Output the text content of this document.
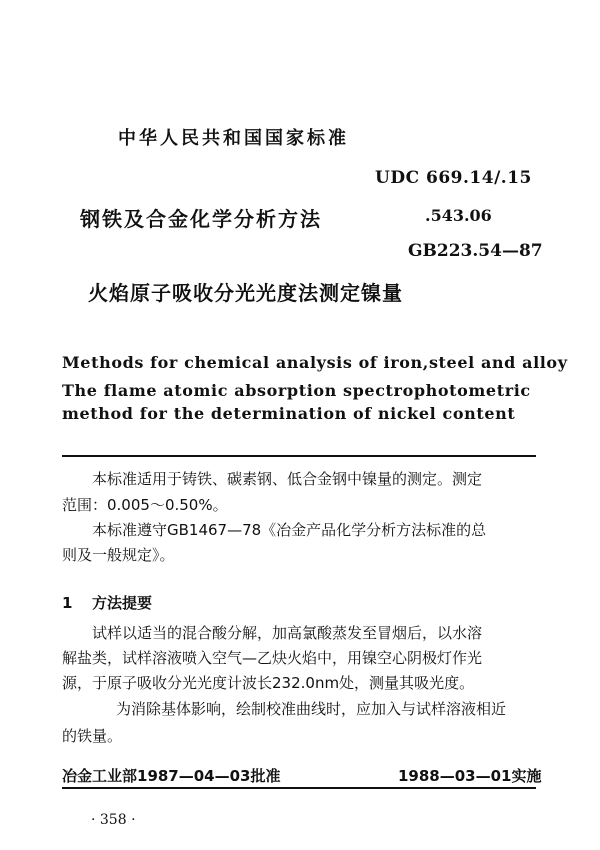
中华人民共和国国家标准
UDC 669.14/.15
钢铁及合金化学分析方法	.543.06
GB223.54—87
火焰原子吸收分光光度法测定镍量
Methods for chemical analysis of iron,steel and alloy
The flame atomic absorption spectrophotometric
method for the determination of nickel content
本标准适用于铸铁、碳素钢、低合金钢中镍量的测定。测定
范围：0.005～0.50%。
本标准遵守GB1467—78《冶金产品化学分析方法标准的总
则及一般规定》。
1 方法提要
试样以适当的混合酸分解，加高氯酸蒸发至冒烟后，以水溶
解盐类，试样溶液喷入空气—乙炔火焰中，用镍空心阴极灯作光
源，于原子吸收分光光度计波长232.0nm处，测量其吸光度。
为消除基体影响，绘制校准曲线时，应加入与试样溶液相近
的铁量。
冶金工业部1987—04—03批准	1988—03—01实施
· 358 ·
